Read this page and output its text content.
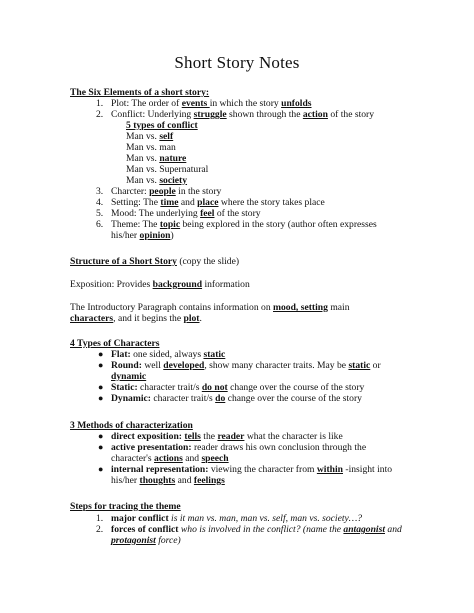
Short Story Notes
The Six Elements of a short story:
1. Plot: The order of events in which the story unfolds
2. Conflict: Underlying struggle shown through the action of the story
5 types of conflict
Man vs. self
Man vs. man
Man vs. nature
Man vs. Supernatural
Man vs. society
3. Charcter: people in the story
4. Setting: The time and place where the story takes place
5. Mood: The underlying feel of the story
6. Theme: The topic being explored in the story (author often expresses
his/her opinion)
Structure of a Short Story (copy the slide)
Exposition: Provides background information
The Introductory Paragraph contains information on mood, setting main
characters, and it begins the plot.
4 Types of Characters
● Flat: one sided, always static
● Round: well developed, show many character traits. May be static or
dynamic
● Static: character trait/s do not change over the course of the story
● Dynamic: character trait/s do change over the course of the story
3 Methods of characterization
● direct exposition: tells the reader what the character is like
● active presentation: reader draws his own conclusion through the
character's actions and speech
● internal representation: viewing the character from within -insight into
his/her thoughts and feelings
Steps for tracing the theme
1. major conflict is it man vs. man, man vs. self, man vs. society…?
2. forces of conflict who is involved in the conflict? (name the antagonist and
protagonist force)
